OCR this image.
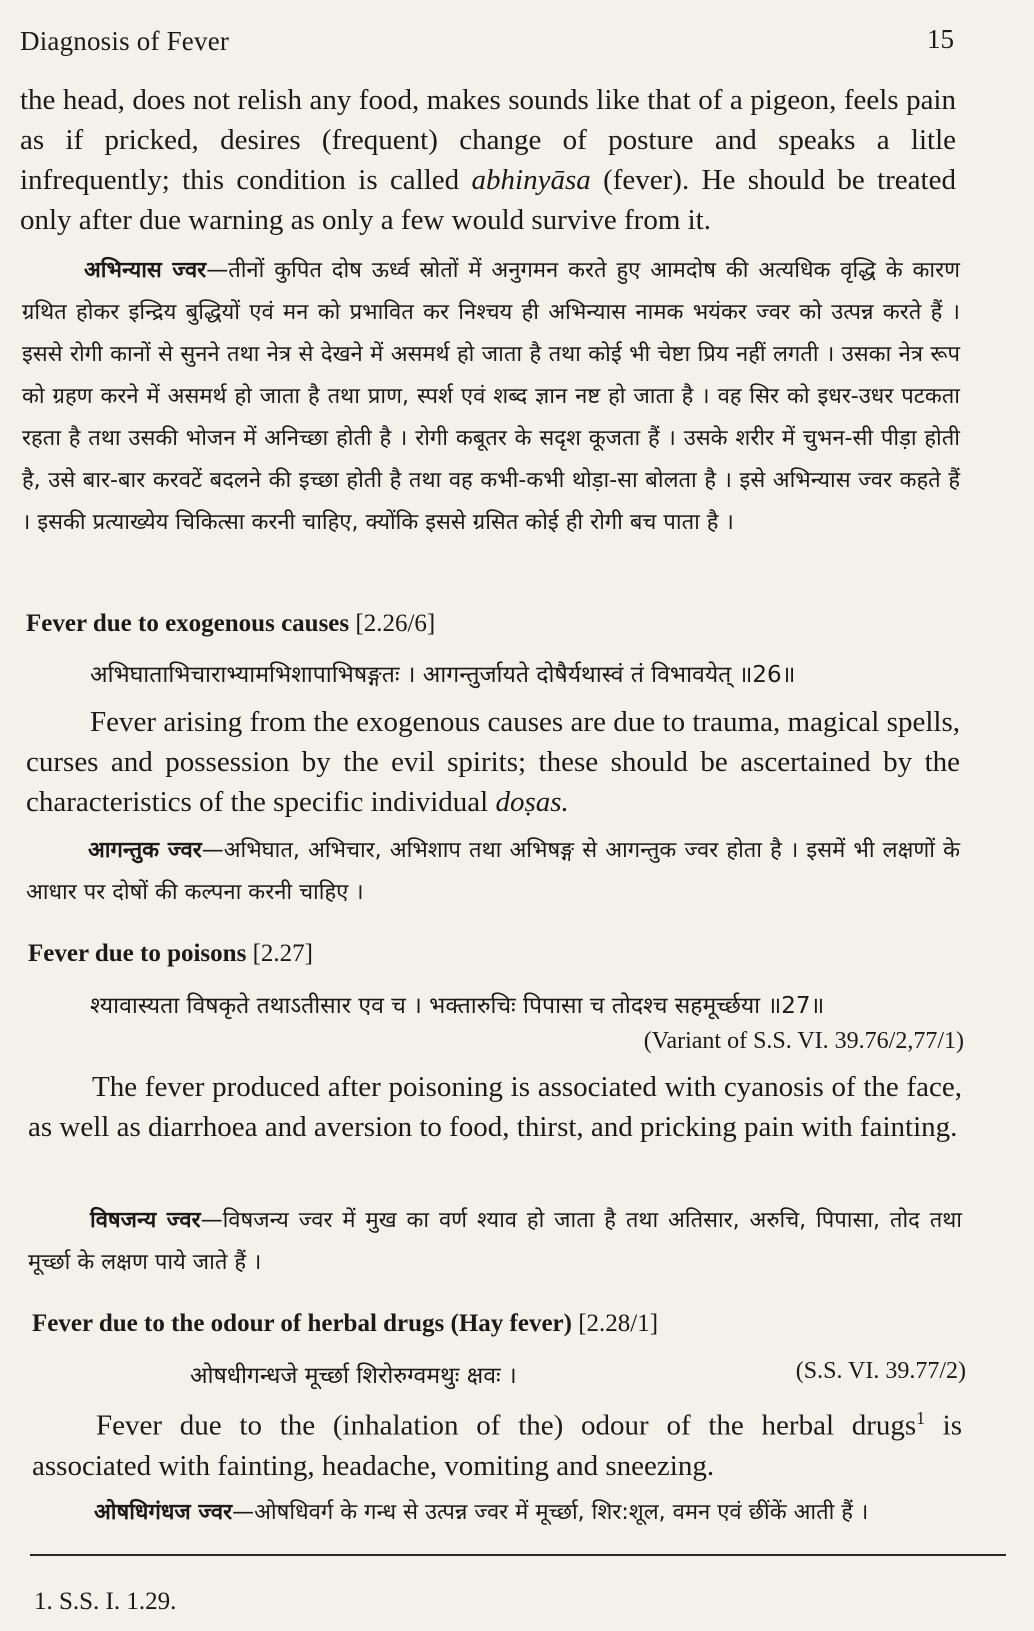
Diagnosis of Fever	15
the head, does not relish any food, makes sounds like that of a pigeon, feels pain as if pricked, desires (frequent) change of posture and speaks a litle infrequently; this condition is called abhinyāsa (fever). He should be treated only after due warning as only a few would survive from it.
अभिन्यास ज्वर—तीनों कुपित दोष ऊर्ध्व स्रोतों में अनुगमन करते हुए आमदोष की अत्यधिक वृद्धि के कारण ग्रथित होकर इन्द्रिय बुद्धियों एवं मन को प्रभावित कर निश्चय ही अभिन्यास नामक भयंकर ज्वर को उत्पन्न करते हैं । इससे रोगी कानों से सुनने तथा नेत्र से देखने में असमर्थ हो जाता है तथा कोई भी चेष्टा प्रिय नहीं लगती । उसका नेत्र रूप को ग्रहण करने में असमर्थ हो जाता है तथा प्राण, स्पर्श एवं शब्द ज्ञान नष्ट हो जाता है । वह सिर को इधर-उधर पटकता रहता है तथा उसकी भोजन में अनिच्छा होती है । रोगी कबूतर के सदृश कूजता हैं । उसके शरीर में चुभन-सी पीड़ा होती है, उसे बार-बार करवटें बदलने की इच्छा होती है तथा वह कभी-कभी थोड़ा-सा बोलता है । इसे अभिन्यास ज्वर कहते हैं । इसकी प्रत्याख्येय चिकित्सा करनी चाहिए, क्योंकि इससे ग्रसित कोई ही रोगी बच पाता है ।
Fever due to exogenous causes [2.26/6]
अभिघाताभिचाराभ्यामभिशापाभिषङ्गतः । आगन्तुर्जायते दोषैर्यथास्वं तं विभावयेत् ॥26॥
Fever arising from the exogenous causes are due to trauma, magical spells, curses and possession by the evil spirits; these should be ascertained by the characteristics of the specific individual doṣas.
आगन्तुक ज्वर—अभिघात, अभिचार, अभिशाप तथा अभिषङ्ग से आगन्तुक ज्वर होता है । इसमें भी लक्षणों के आधार पर दोषों की कल्पना करनी चाहिए ।
Fever due to poisons [2.27]
श्यावास्यता विषकृते तथाऽतीसार एव च । भक्तारुचिः पिपासा च तोदश्च सहमूर्च्छया ॥27॥
(Variant of S.S. VI. 39.76/2,77/1)
The fever produced after poisoning is associated with cyanosis of the face, as well as diarrhoea and aversion to food, thirst, and pricking pain with fainting.
विषजन्य ज्वर—विषजन्य ज्वर में मुख का वर्ण श्याव हो जाता है तथा अतिसार, अरुचि, पिपासा, तोद तथा मूर्च्छा के लक्षण पाये जाते हैं ।
Fever due to the odour of herbal drugs (Hay fever) [2.28/1]
ओषधीगन्धजे मूर्च्छा शिरोरुग्वमथुः क्षवः ।	(S.S. VI. 39.77/2)
Fever due to the (inhalation of the) odour of the herbal drugs$^1$ is associated with fainting, headache, vomiting and sneezing.
ओषधिगंधज ज्वर—ओषधिवर्ग के गन्ध से उत्पन्न ज्वर में मूर्च्छा, शिर:शूल, वमन एवं छींकें आती हैं ।
1. S.S. I. 1.29.
